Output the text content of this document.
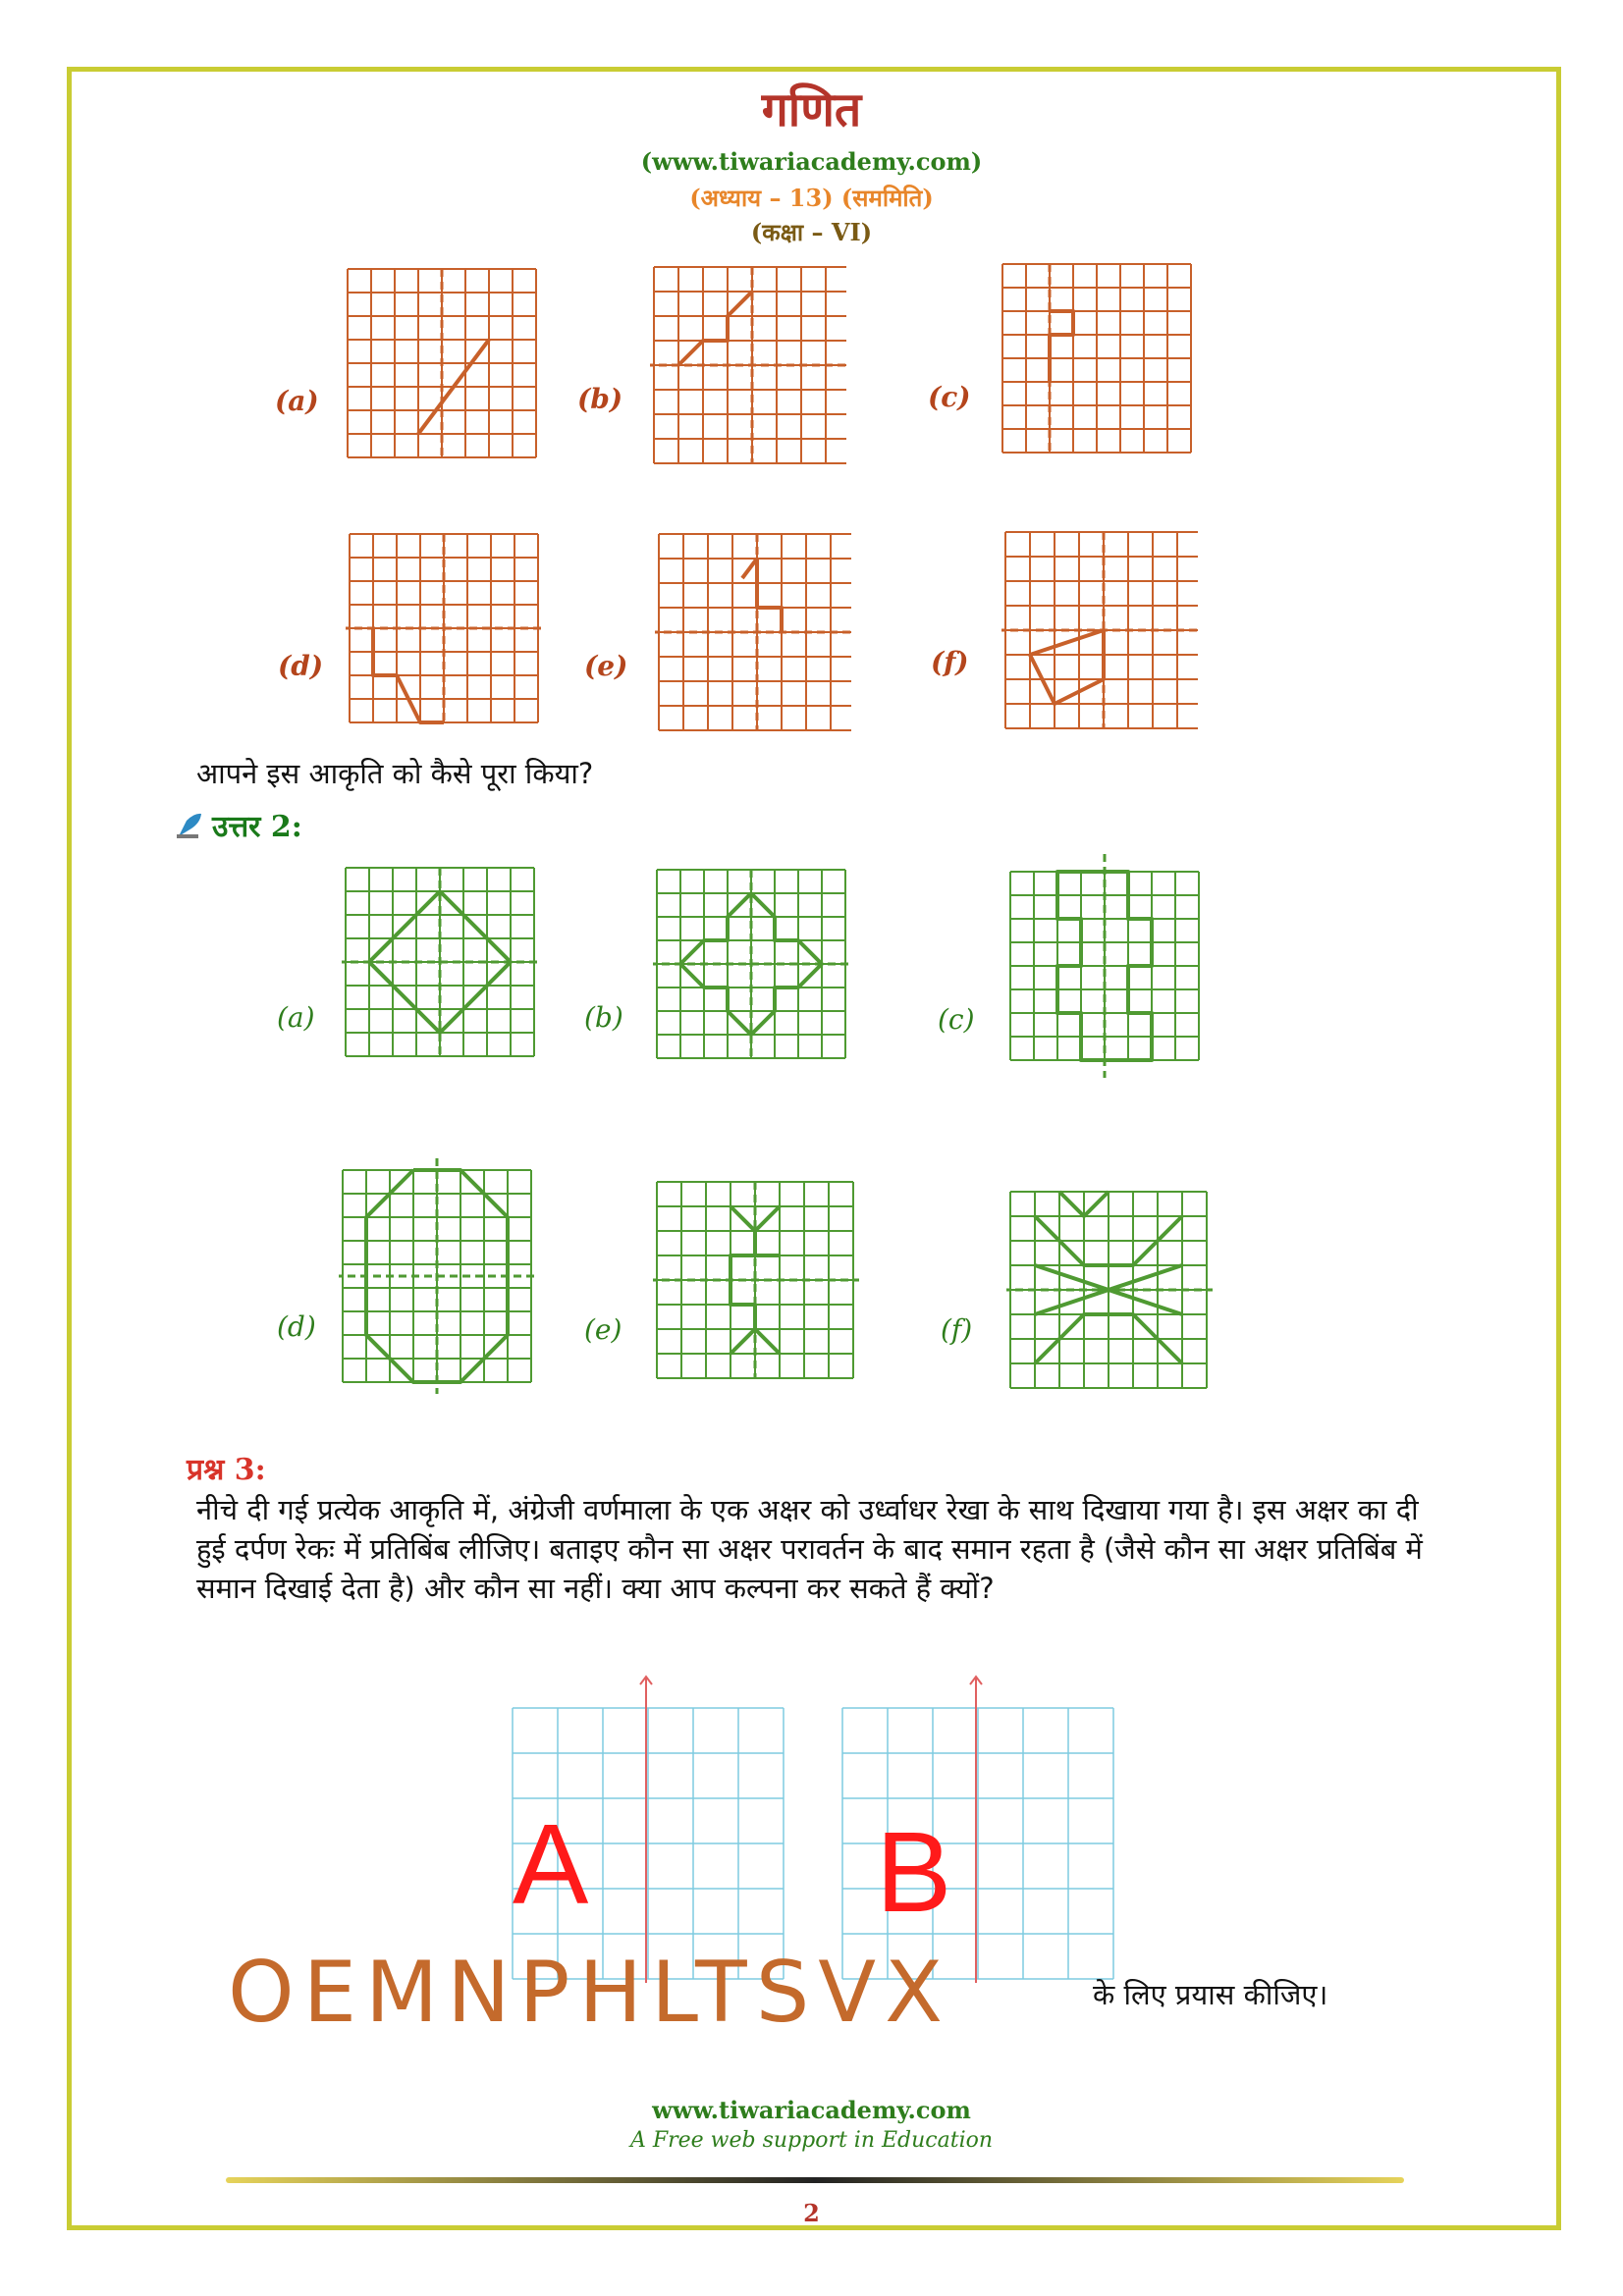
गणित
(www.tiwariacademy.com)
(अध्याय – 13) (सममिति)
(कक्षा – VI)
(a)	(b)	(c)
(d)	(e)	(f)
आपने इस आकृति को कैसे पूरा किया?
उत्तर 2:
(a)	(b)	(c)
(d)	(e)	(f)
प्रश्न 3:
नीचे दी गई प्रत्येक आकृति में, अंग्रेजी वर्णमाला के एक अक्षर को उर्ध्वाधर रेखा के साथ दिखाया गया है। इस अक्षर का दी हुई दर्पण रेकः में प्रतिबिंब लीजिए। बताइए कौन सा अक्षर परावर्तन के बाद समान रहता है (जैसे कौन सा अक्षर प्रतिबिंब में समान दिखाई देता है) और कौन सा नहीं। क्या आप कल्पना कर सकते हैं क्यों?
A	B
OEMNPHLTSVX	के लिए प्रयास कीजिए।
www.tiwariacademy.com
A Free web support in Education
2
